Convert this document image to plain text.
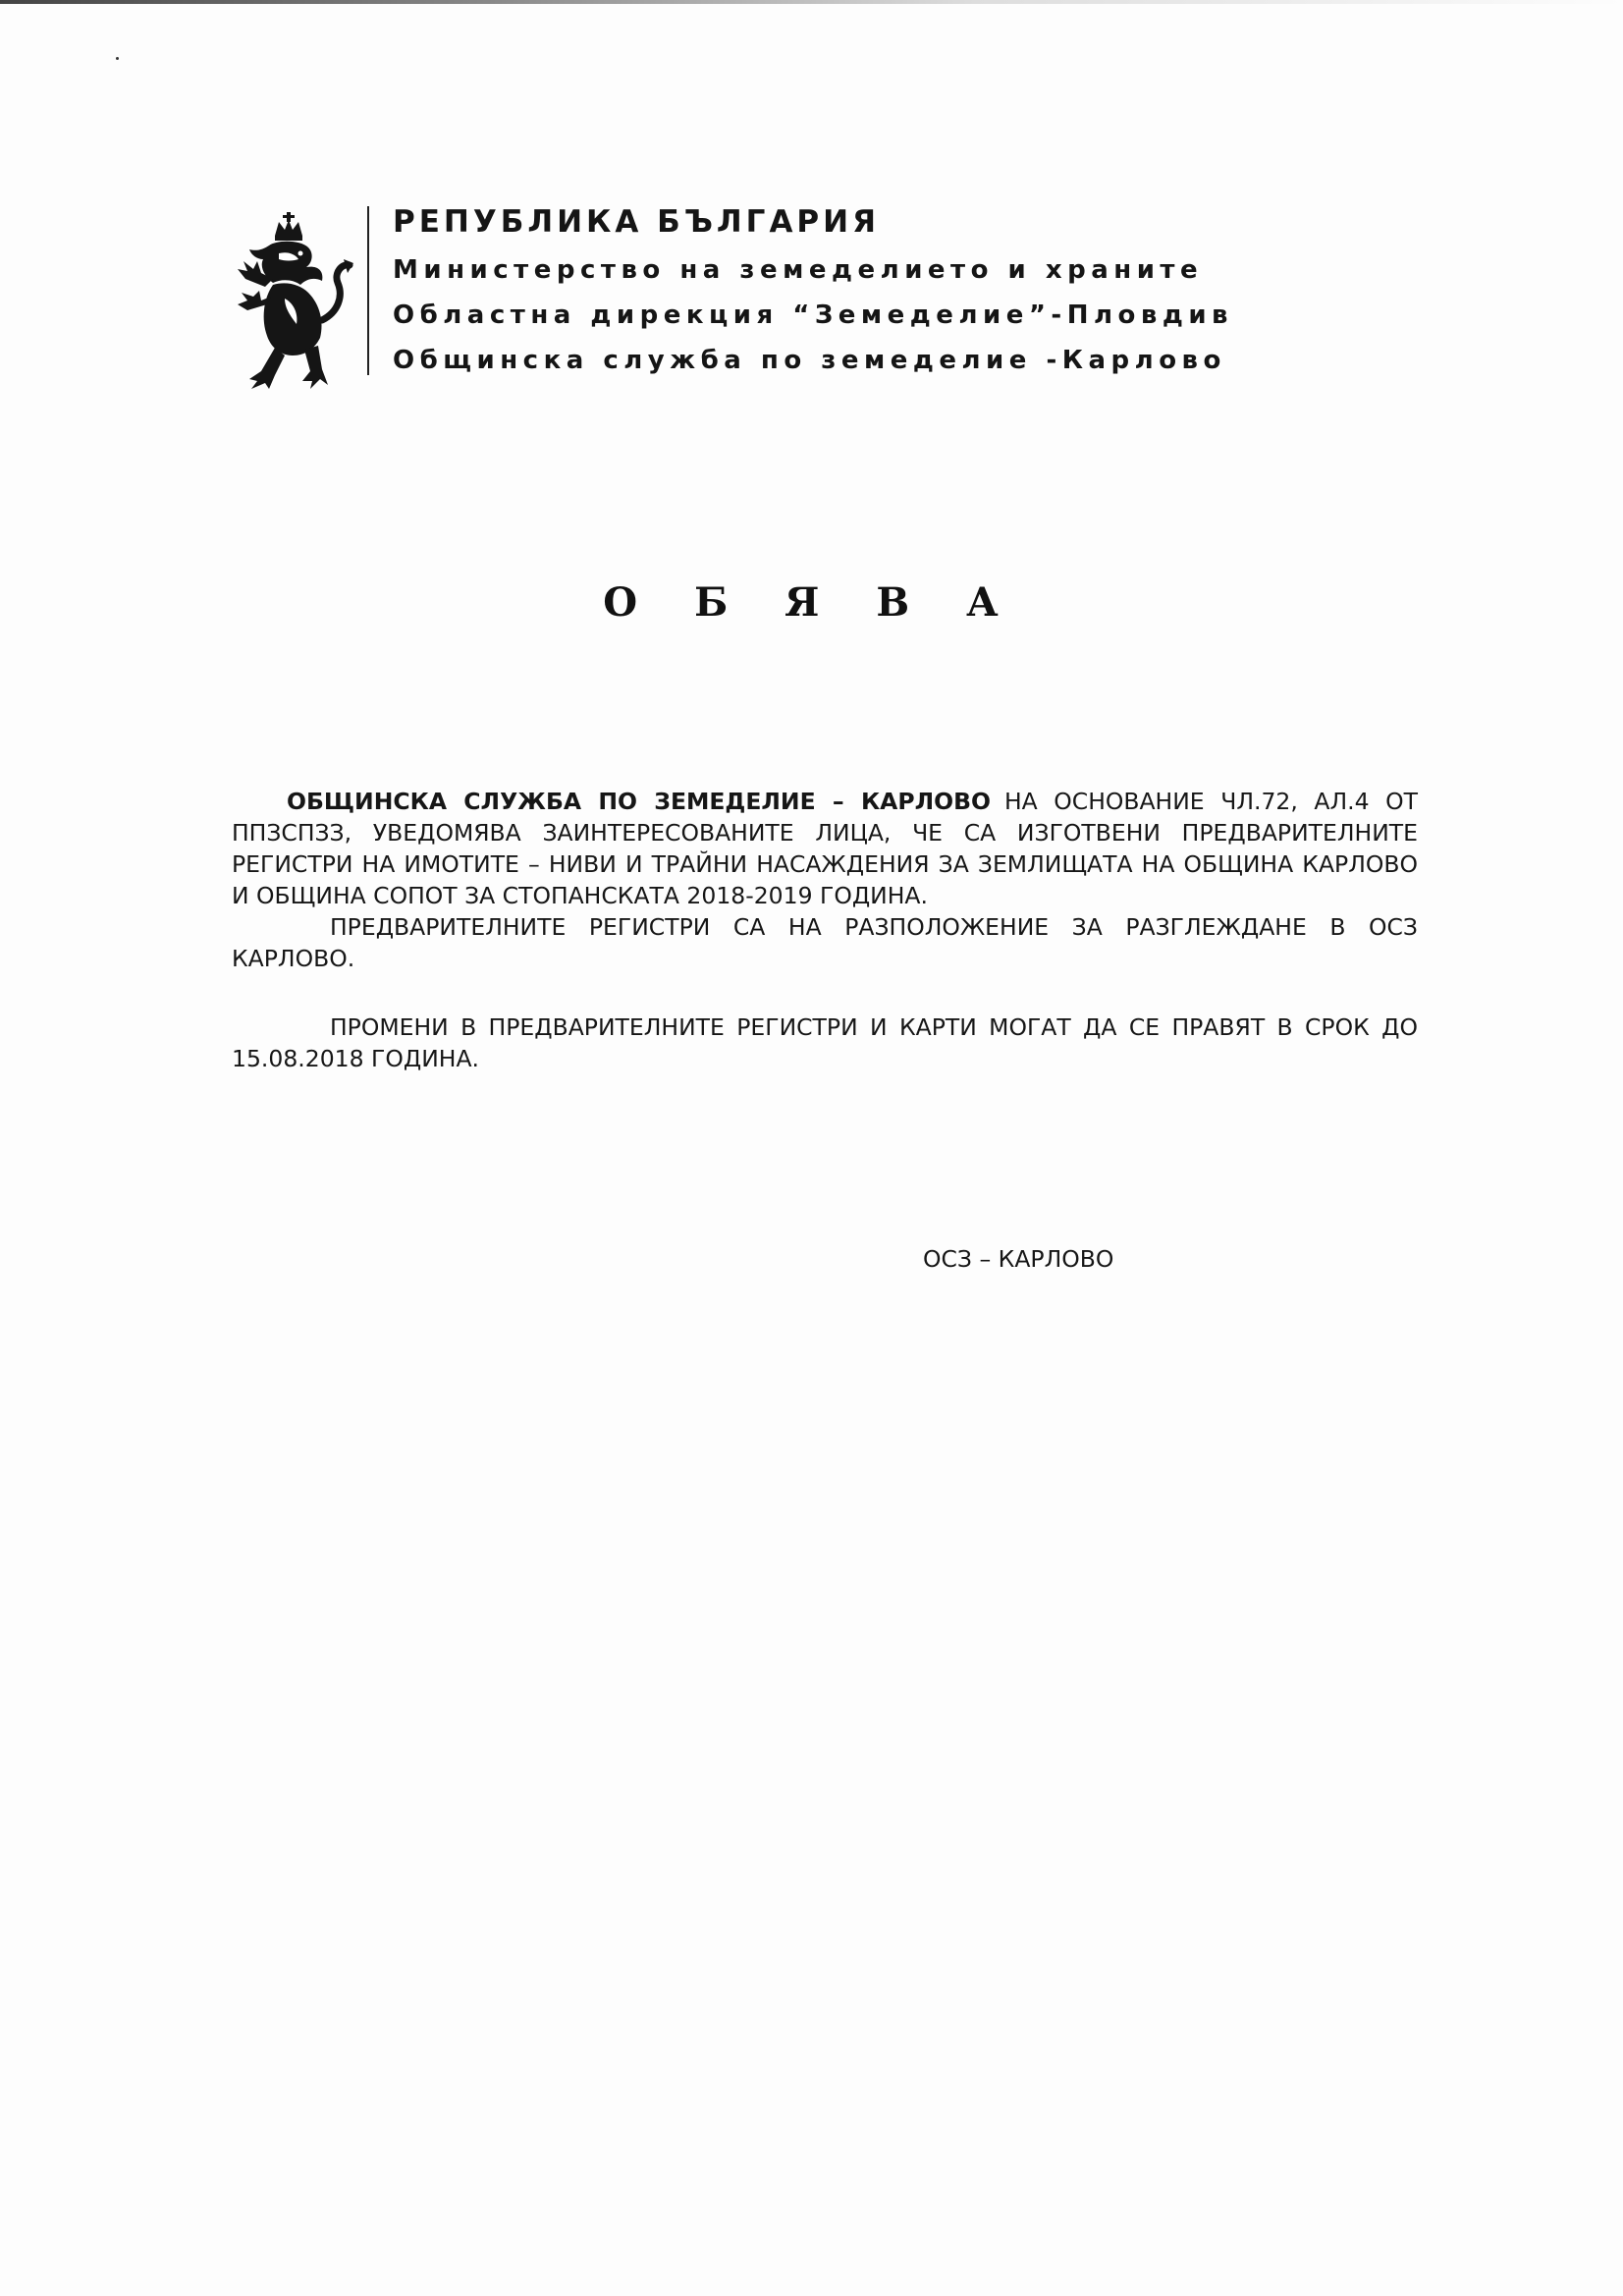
РЕПУБЛИКА БЪЛГАРИЯ
Министерство на земеделието и храните
Областна дирекция “Земеделие”-Пловдив
Общинска служба по земеделие -Карлово
О Б Я В А

ОБЩИНСКА СЛУЖБА ПО ЗЕМЕДЕЛИЕ – КАРЛОВО НА ОСНОВАНИЕ ЧЛ.72, АЛ.4 ОТ ППЗСПЗЗ, УВЕДОМЯВА ЗАИНТЕРЕСОВАНИТЕ ЛИЦА, ЧЕ СА ИЗГОТВЕНИ ПРЕДВАРИТЕЛНИТЕ РЕГИСТРИ НА ИМОТИТЕ – НИВИ И ТРАЙНИ НАСАЖДЕНИЯ ЗА ЗЕМЛИЩАТА НА ОБЩИНА КАРЛОВО И ОБЩИНА СОПОТ ЗА СТОПАНСКАТА 2018-2019 ГОДИНА.

ПРЕДВАРИТЕЛНИТЕ РЕГИСТРИ СА НА РАЗПОЛОЖЕНИЕ ЗА РАЗГЛЕЖДАНЕ В ОСЗ КАРЛОВО.

ПРОМЕНИ В ПРЕДВАРИТЕЛНИТЕ РЕГИСТРИ И КАРТИ МОГАТ ДА СЕ ПРАВЯТ В СРОК ДО 15.08.2018 ГОДИНА.

ОСЗ – КАРЛОВО
